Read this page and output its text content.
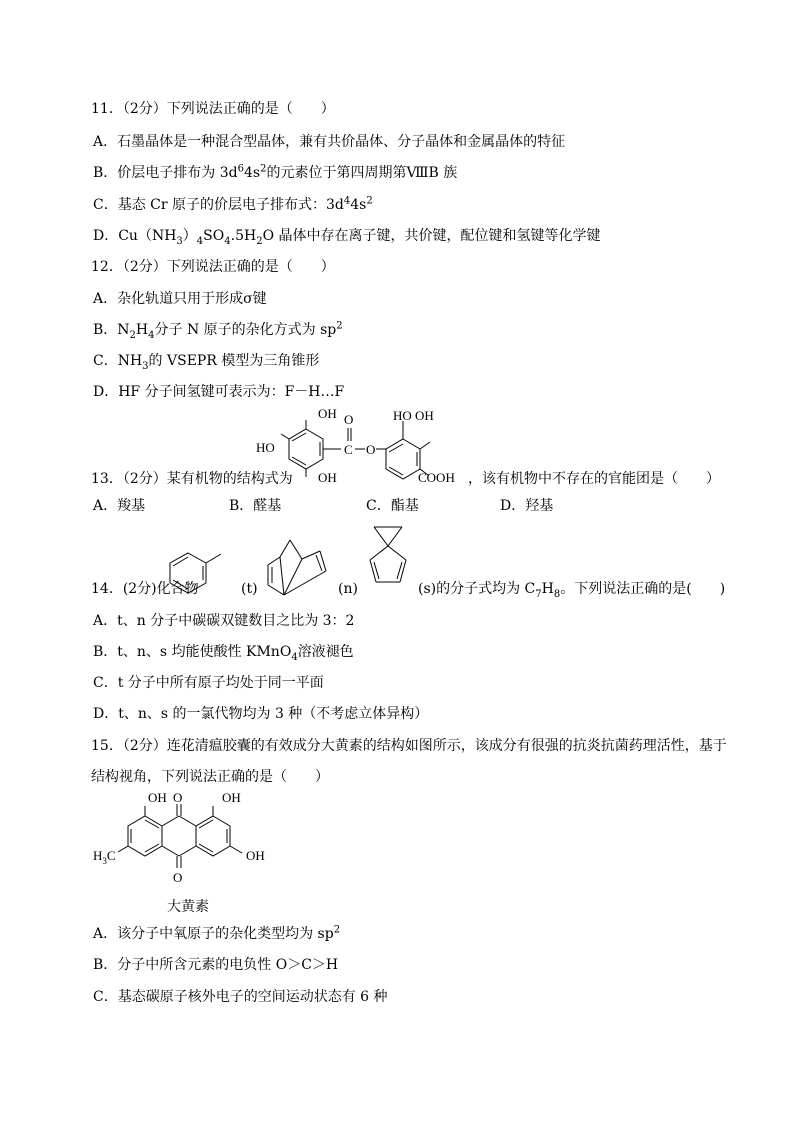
11．（2分）下列说法正确的是（　　）
A．石墨晶体是一种混合型晶体，兼有共价晶体、分子晶体和金属晶体的特征
B．价层电子排布为 $3d^64s^2$的元素位于第四周期第ⅧB 族
C．基态 Cr 原子的价层电子排布式：$3d^44s^2$
D．$Cu(NH_3)_4SO_4.5H_2O$ 晶体中存在离子键，共价键，配位键和氢键等化学键
12．（2分）下列说法正确的是（　　）
A．杂化轨道只用于形成σ键
B．$N_2H_4$分子 N 原子的杂化方式为 $sp^2$
C．$NH_3$的 VSEPR 模型为三角锥形
D．HF 分子间氢键可表示为：F－H…F
OH
HO
OH
C
O
O
HO OH
COOH
13．（2分）某有机物的结构式为	，该有机物中不存在的官能团是（　　）
A．羧基	B．醛基	C．酯基	D．羟基
14．(2分)化合物	(t)	(n)	(s)的分子式均为 $C_7H_8$。下列说法正确的是(　　)
A．t、n 分子中碳碳双键数目之比为 3：2
B．t、n、s 均能使酸性 KMnO$_4$溶液褪色
C．t 分子中所有原子均处于同一平面
D．t、n、s 的一氯代物均为 3 种（不考虑立体异构）
15．（2分）连花清瘟胶囊的有效成分大黄素的结构如图所示，该成分有很强的抗炎抗菌药理活性，基于
结构视角，下列说法正确的是（　　）
OH O	OH
O
$H_3C$	OH
大黄素
A．该分子中氧原子的杂化类型均为 $sp^2$
B．分子中所含元素的电负性 O＞C＞H
C．基态碳原子核外电子的空间运动状态有 6 种
